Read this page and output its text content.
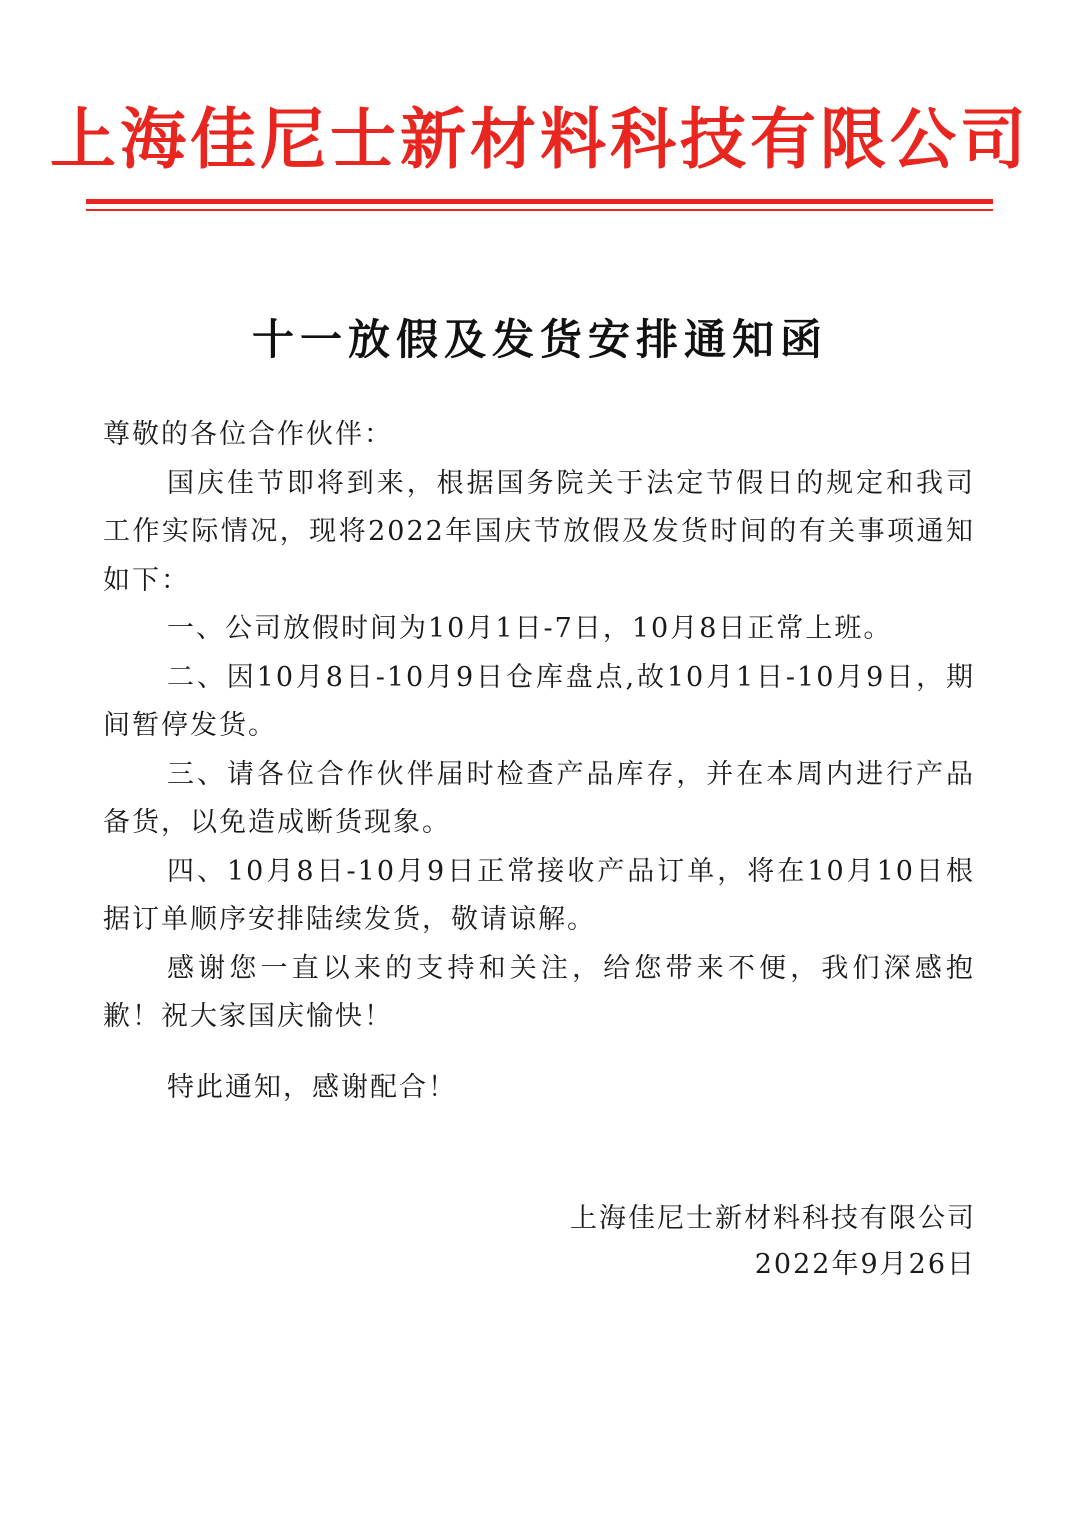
上海佳尼士新材料科技有限公司
十一放假及发货安排通知函

尊敬的各位合作伙伴：

国庆佳节即将到来，根据国务院关于法定节假日的规定和我司工作实际情况，现将2022年国庆节放假及发货时间的有关事项通知如下：

一、公司放假时间为10月1日-7日，10月8日正常上班。

二、因10月8日-10月9日仓库盘点,故10月1日-10月9日，期间暂停发货。

三、请各位合作伙伴届时检查产品库存，并在本周内进行产品备货，以免造成断货现象。

四、10月8日-10月9日正常接收产品订单，将在10月10日根据订单顺序安排陆续发货，敬请谅解。

感谢您一直以来的支持和关注，给您带来不便，我们深感抱歉！祝大家国庆愉快！

特此通知，感谢配合！
上海佳尼士新材料科技有限公司
2022年9月26日
